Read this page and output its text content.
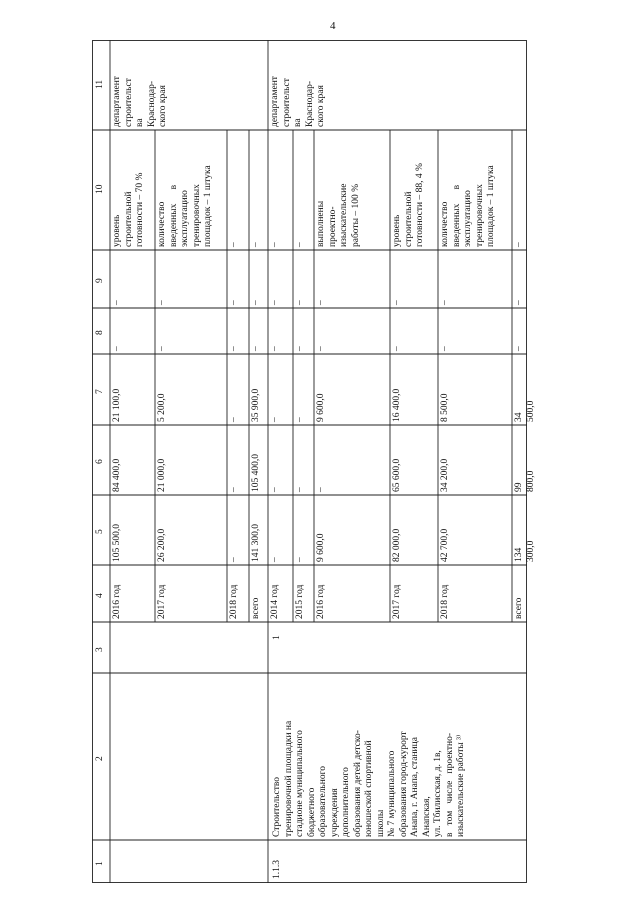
4
1
2
3
4
5
6
7
8
9
10
11
105 500,0
84 400,0
21 100,0
–
–
уровень
строительной
готовности – 70 %
2016 год
26 200,0
21 000,0
5 200,0
–
–
количество
введенных      в
эксплуатацию
тренировочных
площадок – 1 штука
2017 год
–
–
–
–
–
–
2018 год
141 300,0
105 400,0
35 900,0
–
–
–
всего
департамент
строительст
ва
Краснодар-
ского края
–
–
–
–
–
–
2014 год
–
–
–
–
–
–
2015 год
9 600,0
–
9 600,0
–
–
выполнены
проектно-
изыскательские
работы – 100 %
2016 год
82 000,0
65 600,0
16 400,0
–
–
уровень
строительной
готовности – 88, 4 %
2017 год
42 700,0
34 200,0
8 500,0
–
–
количество
введенных      в
эксплуатацию
тренировочных
площадок – 1 штука
2018 год
134 300,0
99 800,0
34 500,0
–
–
–
всего
департамент
строительст
ва
Краснодар-
ского края
1.1.3
1
Строительство
тренировочной площадки на
стадионе муниципального
бюджетного
образовательного
учреждения
дополнительного
образования детей детско-
юношеской спортивной
школы
№ 7 муниципального
образования город-курорт
Анапа, г. Анапа, станица
Анапская,
ул. Тбилисская, д. 1в,
в   том   числе   проектно-
изыскательские работы ³⁾
